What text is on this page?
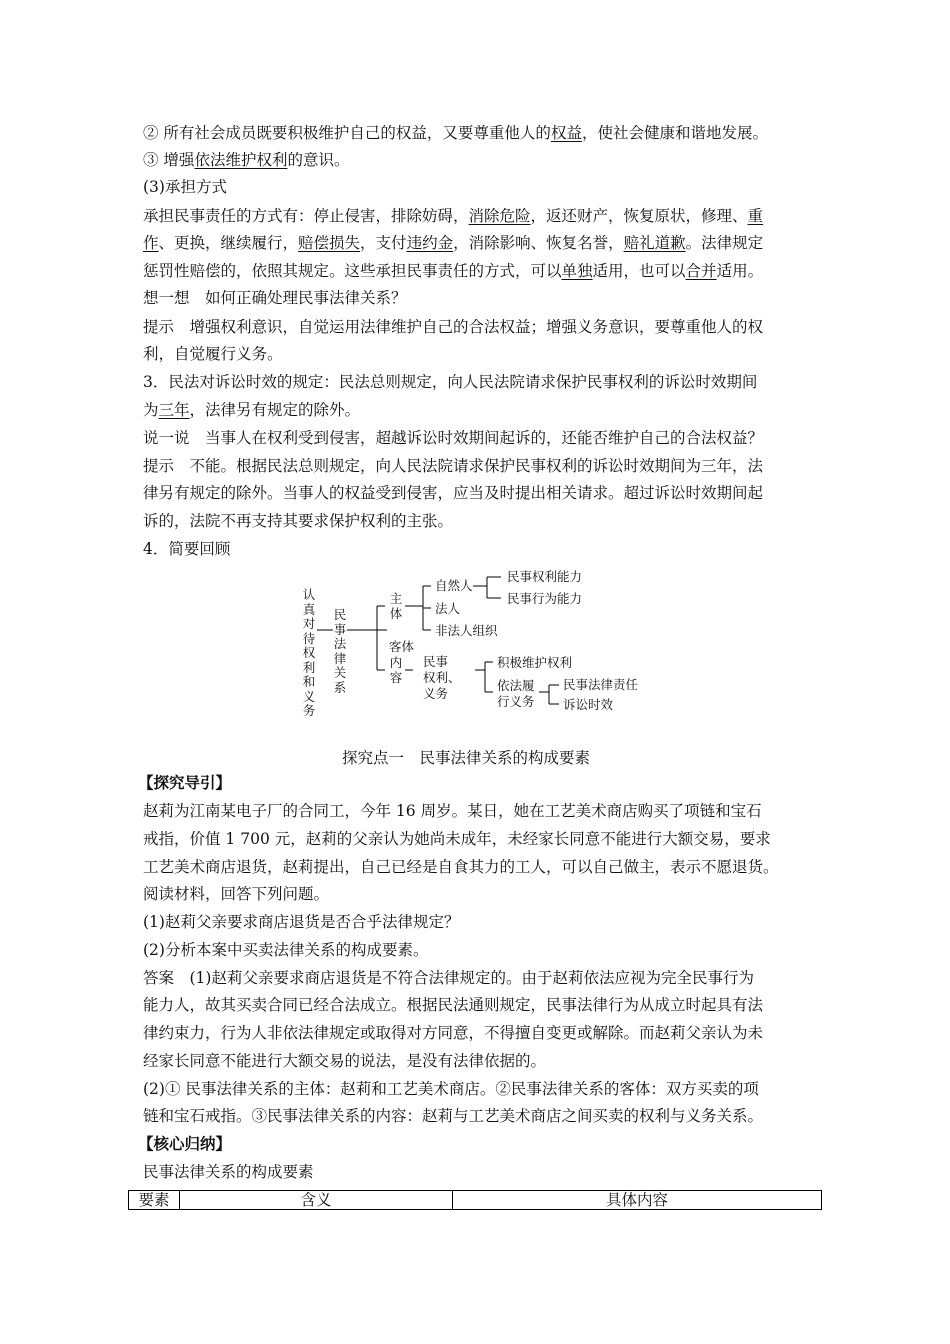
② 所有社会成员既要积极维护自己的权益，又要尊重他人的权益，使社会健康和谐地发展。
③ 增强依法维护权利的意识。
(3)承担方式
承担民事责任的方式有：停止侵害，排除妨碍，消除危险，返还财产，恢复原状，修理、重
作、更换，继续履行，赔偿损失，支付违约金，消除影响、恢复名誉，赔礼道歉。法律规定
惩罚性赔偿的，依照其规定。这些承担民事责任的方式，可以单独适用，也可以合并适用。
想一想　如何正确处理民事法律关系？
提示　增强权利意识，自觉运用法律维护自己的合法权益；增强义务意识，要尊重他人的权
利，自觉履行义务。
3．民法对诉讼时效的规定：民法总则规定，向人民法院请求保护民事权利的诉讼时效期间
为三年，法律另有规定的除外。
说一说　当事人在权利受到侵害，超越诉讼时效期间起诉的，还能否维护自己的合法权益？
提示　不能。根据民法总则规定，向人民法院请求保护民事权利的诉讼时效期间为三年，法
律另有规定的除外。当事人的权益受到侵害，应当及时提出相关请求。超过诉讼时效期间起
诉的，法院不再支持其要求保护权利的主张。
4．简要回顾
认真对待权利和义务
民事法律关系
主体
自然人
民事权利能力
民事行为能力
法人
非法人组织
客体
内容
民事
权利、
义务
积极维护权利
依法履
行义务
民事法律责任
诉讼时效
探究点一　民事法律关系的构成要素
【探究导引】
赵莉为江南某电子厂的合同工，今年 16 周岁。某日，她在工艺美术商店购买了项链和宝石
戒指，价值 1 700 元，赵莉的父亲认为她尚未成年，未经家长同意不能进行大额交易，要求
工艺美术商店退货，赵莉提出，自己已经是自食其力的工人，可以自己做主，表示不愿退货。
阅读材料，回答下列问题。
(1)赵莉父亲要求商店退货是否合乎法律规定？
(2)分析本案中买卖法律关系的构成要素。
答案　(1)赵莉父亲要求商店退货是不符合法律规定的。由于赵莉依法应视为完全民事行为
能力人，故其买卖合同已经合法成立。根据民法通则规定，民事法律行为从成立时起具有法
律约束力，行为人非依法律规定或取得对方同意，不得擅自变更或解除。而赵莉父亲认为未
经家长同意不能进行大额交易的说法，是没有法律依据的。
(2)① 民事法律关系的主体：赵莉和工艺美术商店。②民事法律关系的客体：双方买卖的项
链和宝石戒指。③民事法律关系的内容：赵莉与工艺美术商店之间买卖的权利与义务关系。
【核心归纳】
民事法律关系的构成要素
要素	含义	具体内容
